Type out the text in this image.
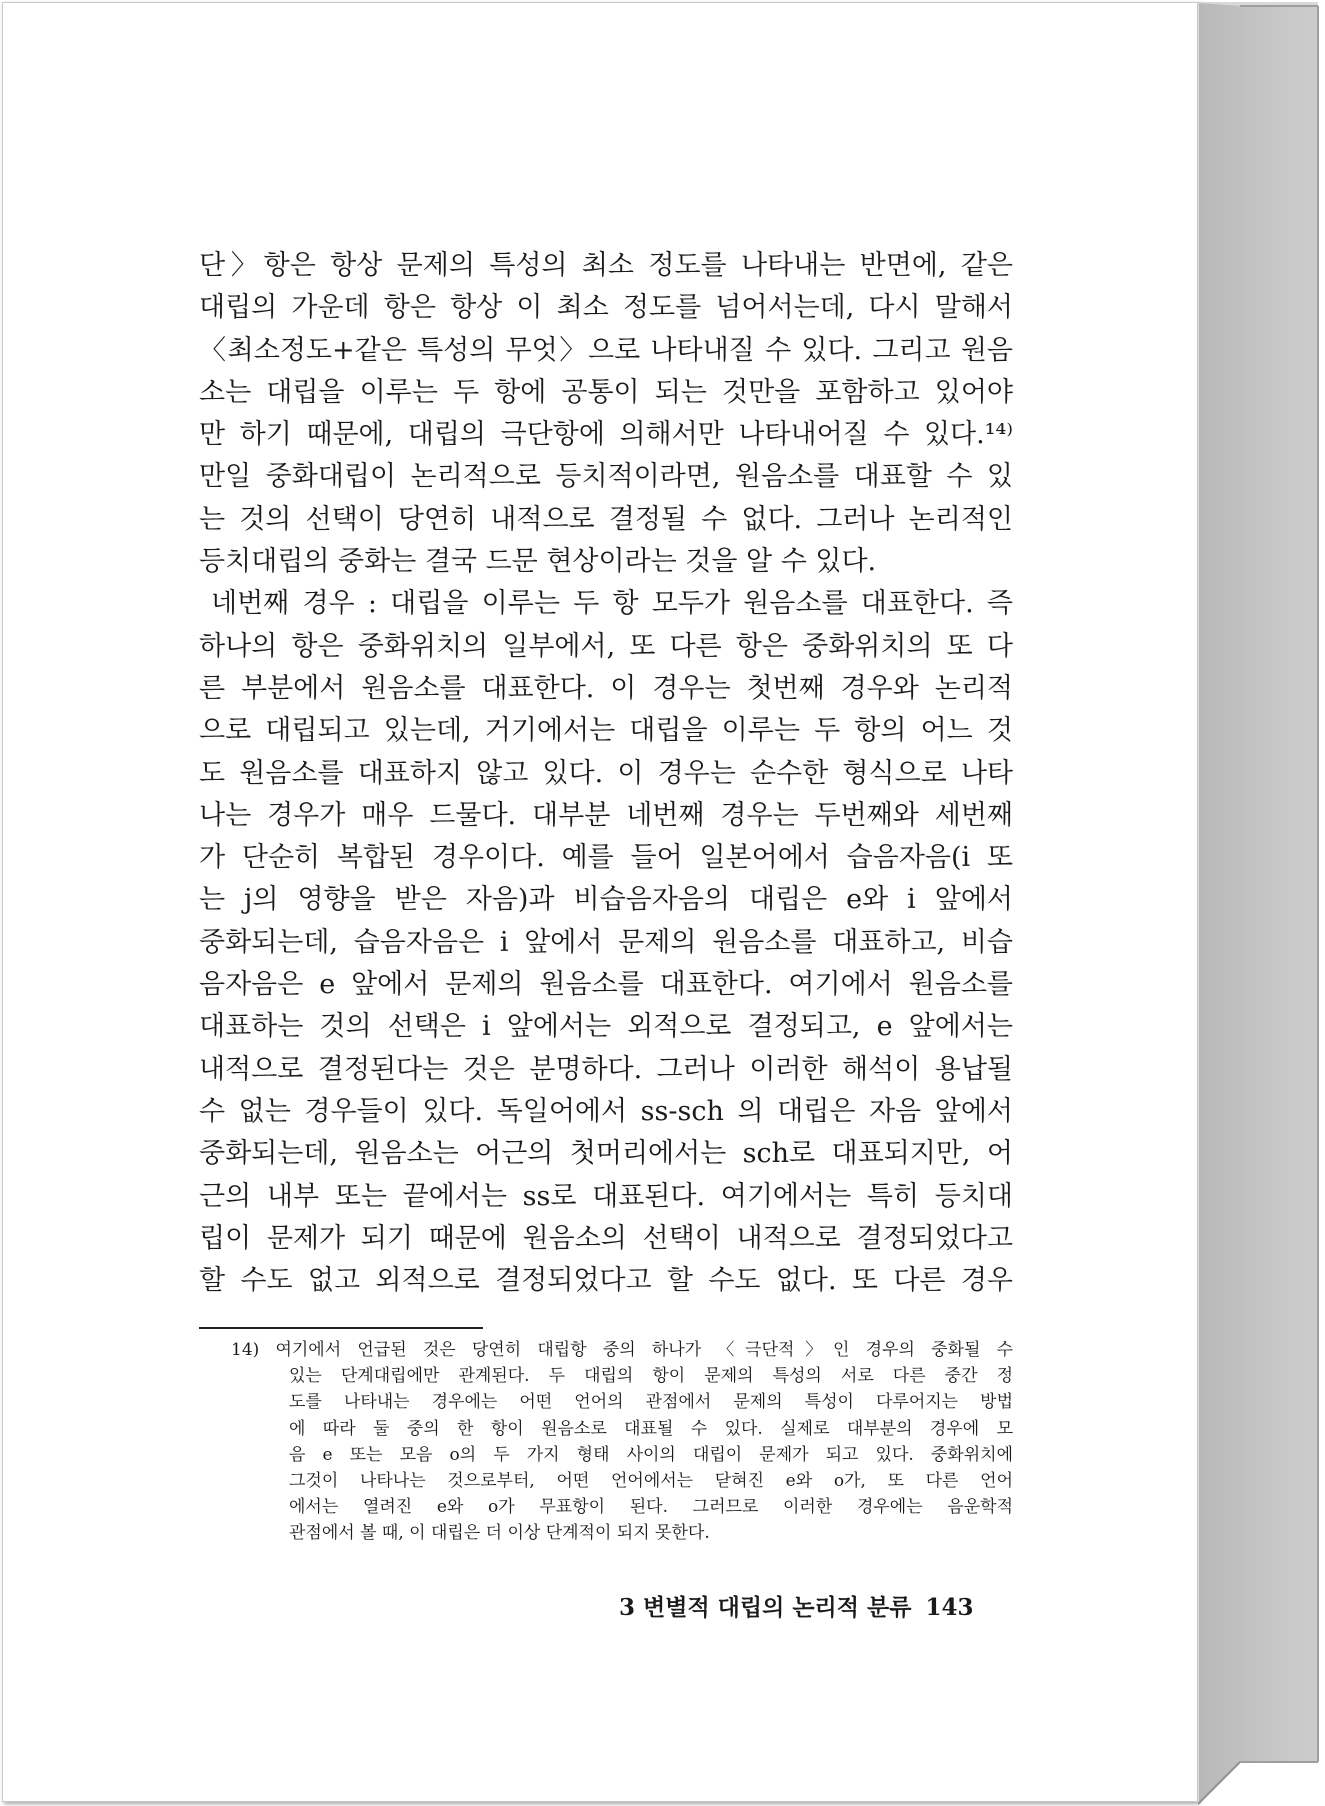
단〉항은 항상 문제의 특성의 최소 정도를 나타내는 반면에, 같은
대립의 가운데 항은 항상 이 최소 정도를 넘어서는데, 다시 말해서
〈최소정도+같은 특성의 무엇〉으로 나타내질 수 있다. 그리고 원음
소는 대립을 이루는 두 항에 공통이 되는 것만을 포함하고 있어야
만 하기 때문에, 대립의 극단항에 의해서만 나타내어질 수 있다.¹⁴⁾
만일 중화대립이 논리적으로 등치적이라면, 원음소를 대표할 수 있
는 것의 선택이 당연히 내적으로 결정될 수 없다. 그러나 논리적인
등치대립의 중화는 결국 드문 현상이라는 것을 알 수 있다.
네번째 경우 : 대립을 이루는 두 항 모두가 원음소를 대표한다. 즉
하나의 항은 중화위치의 일부에서, 또 다른 항은 중화위치의 또 다
른 부분에서 원음소를 대표한다. 이 경우는 첫번째 경우와 논리적
으로 대립되고 있는데, 거기에서는 대립을 이루는 두 항의 어느 것
도 원음소를 대표하지 않고 있다. 이 경우는 순수한 형식으로 나타
나는 경우가 매우 드물다. 대부분 네번째 경우는 두번째와 세번째
가 단순히 복합된 경우이다. 예를 들어 일본어에서 습음자음(i 또
는 j의 영향을 받은 자음)과 비습음자음의 대립은 e와 i 앞에서
중화되는데, 습음자음은 i 앞에서 문제의 원음소를 대표하고, 비습
음자음은 e 앞에서 문제의 원음소를 대표한다. 여기에서 원음소를
대표하는 것의 선택은 i 앞에서는 외적으로 결정되고, e 앞에서는
내적으로 결정된다는 것은 분명하다. 그러나 이러한 해석이 용납될
수 없는 경우들이 있다. 독일어에서 ss-sch 의 대립은 자음 앞에서
중화되는데, 원음소는 어근의 첫머리에서는 sch로 대표되지만, 어
근의 내부 또는 끝에서는 ss로 대표된다. 여기에서는 특히 등치대
립이 문제가 되기 때문에 원음소의 선택이 내적으로 결정되었다고
할 수도 없고 외적으로 결정되었다고 할 수도 없다. 또 다른 경우
14) 여기에서 언급된 것은 당연히 대립항 중의 하나가 〈극단적〉인 경우의 중화될 수
있는 단계대립에만 관계된다. 두 대립의 항이 문제의 특성의 서로 다른 중간 정
도를 나타내는 경우에는 어떤 언어의 관점에서 문제의 특성이 다루어지는 방법
에 따라 둘 중의 한 항이 원음소로 대표될 수 있다. 실제로 대부분의 경우에 모
음 e 또는 모음 o의 두 가지 형태 사이의 대립이 문제가 되고 있다. 중화위치에
그것이 나타나는 것으로부터, 어떤 언어에서는 닫혀진 e와 o가, 또 다른 언어
에서는 열려진 e와 o가 무표항이 된다. 그러므로 이러한 경우에는 음운학적
관점에서 볼 때, 이 대립은 더 이상 단계적이 되지 못한다.
3 변별적 대립의 논리적 분류 143
